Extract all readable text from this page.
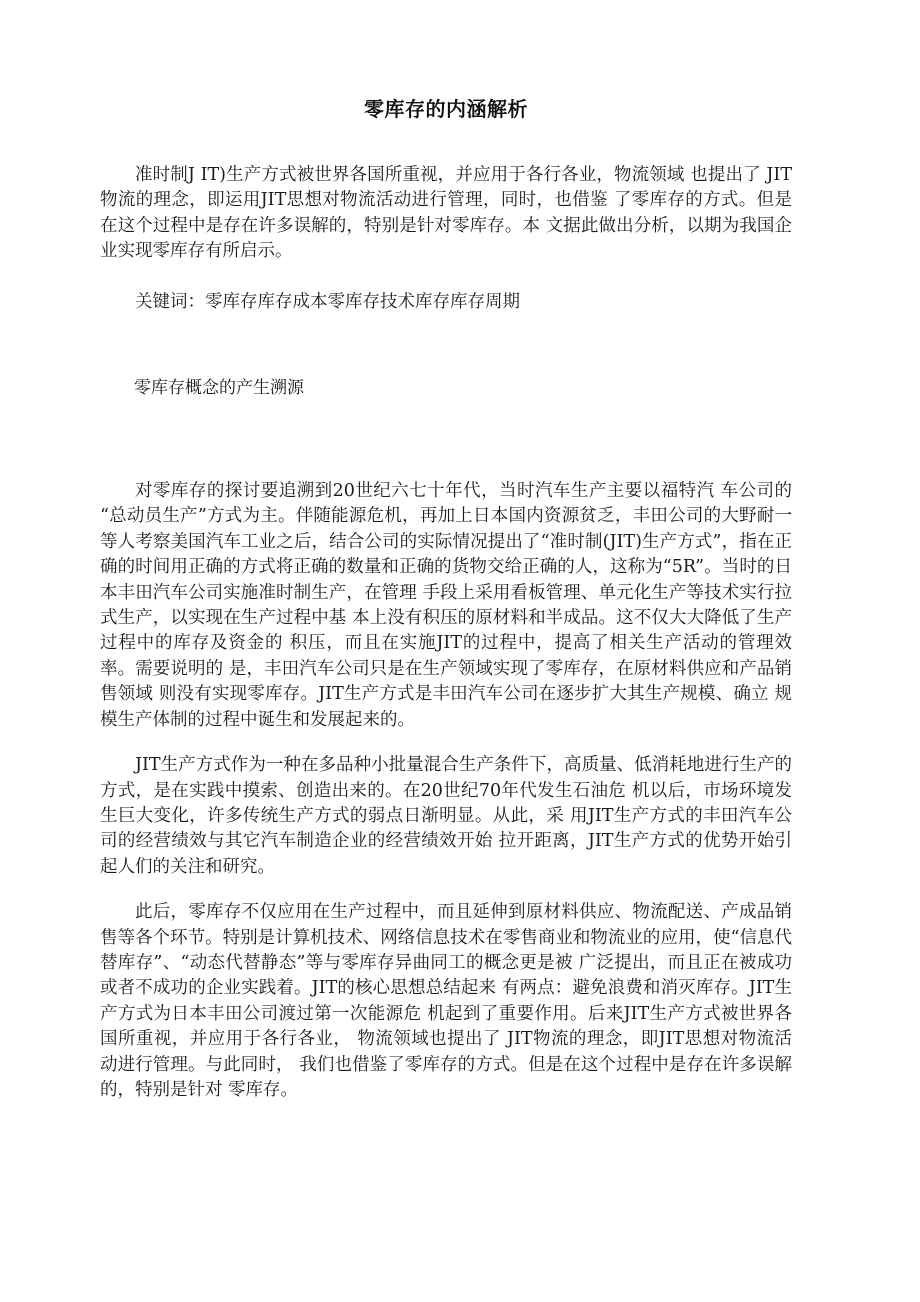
零库存的内涵解析

准时制J IT)生产方式被世界各国所重视，并应用于各行各业，物流领域 也提出了 JIT物流的理念，即运用JIT思想对物流活动进行管理，同时，也借鉴 了零库存的方式。但是在这个过程中是存在许多误解的，特别是针对零库存。本 文据此做出分析，以期为我国企业实现零库存有所启示。

关键词：零库存库存成本零库存技术库存库存周期

零库存概念的产生溯源

对零库存的探讨要追溯到20世纪六七十年代，当时汽车生产主要以福特汽 车公司的“总动员生产”方式为主。伴随能源危机，再加上日本国内资源贫乏，丰田公司的大野耐一等人考察美国汽车工业之后，结合公司的实际情况提出了“准时制(JIT)生产方式”，指在正确的时间用正确的方式将正确的数量和正确的货物交给正确的人，这称为“5R”。当时的日本丰田汽车公司实施准时制生产，在管理 手段上采用看板管理、单元化生产等技术实行拉式生产，以实现在生产过程中基 本上没有积压的原材料和半成品。这不仅大大降低了生产过程中的库存及资金的 积压，而且在实施JIT的过程中，提高了相关生产活动的管理效率。需要说明的 是，丰田汽车公司只是在生产领域实现了零库存，在原材料供应和产品销售领域 则没有实现零库存。JIT生产方式是丰田汽车公司在逐步扩大其生产规模、确立 规模生产体制的过程中诞生和发展起来的。

JIT生产方式作为一种在多品种小批量混合生产条件下，高质量、低消耗地进行生产的方式，是在实践中摸索、创造出来的。在20世纪70年代发生石油危 机以后，市场环境发生巨大变化，许多传统生产方式的弱点日渐明显。从此，采 用JIT生产方式的丰田汽车公司的经营绩效与其它汽车制造企业的经营绩效开始 拉开距离，JIT生产方式的优势开始引起人们的关注和研究。

此后，零库存不仅应用在生产过程中，而且延伸到原材料供应、物流配送、产成品销售等各个环节。特别是计算机技术、网络信息技术在零售商业和物流业的应用，使“信息代替库存”、“动态代替静态”等与零库存异曲同工的概念更是被 广泛提出，而且正在被成功或者不成功的企业实践着。JIT的核心思想总结起来 有两点：避免浪费和消灭库存。JIT生产方式为日本丰田公司渡过第一次能源危 机起到了重要作用。后来JIT生产方式被世界各国所重视，并应用于各行各业， 物流领域也提出了 JIT物流的理念，即JIT思想对物流活动进行管理。与此同时， 我们也借鉴了零库存的方式。但是在这个过程中是存在许多误解的，特别是针对 零库存。
